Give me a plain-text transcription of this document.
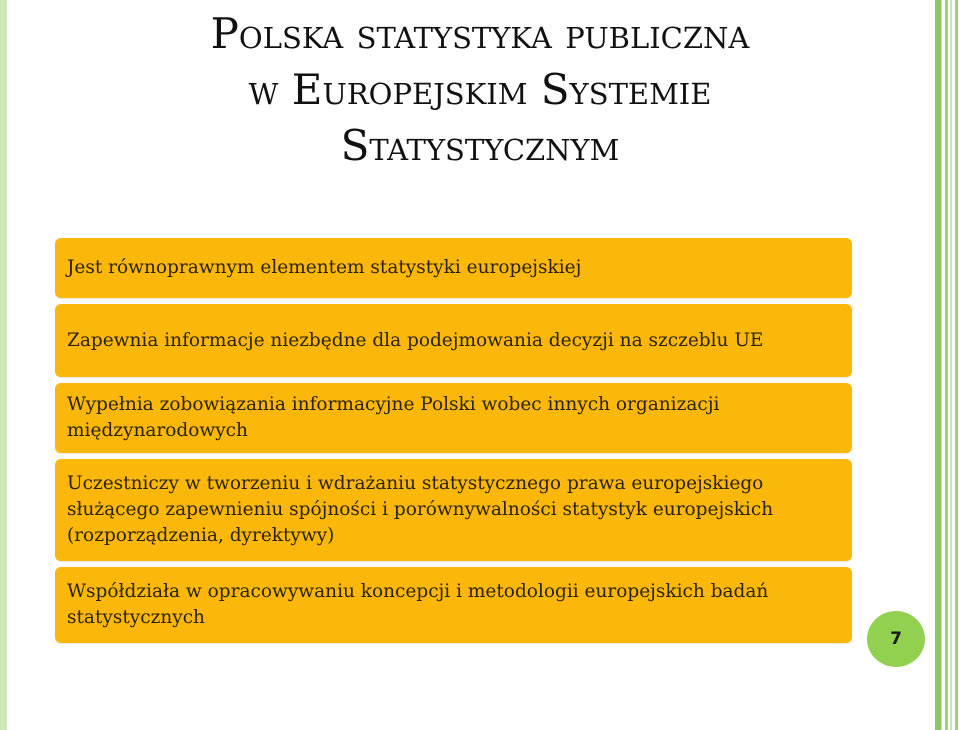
Polska statystyka publiczna
w Europejskim Systemie
Statystycznym
Jest równoprawnym elementem statystyki europejskiej
Zapewnia informacje niezbędne dla podejmowania decyzji na szczeblu UE
Wypełnia zobowiązania informacyjne Polski wobec innych organizacji międzynarodowych
Uczestniczy w tworzeniu i wdrażaniu statystycznego prawa europejskiego służącego zapewnieniu spójności i porównywalności statystyk europejskich (rozporządzenia, dyrektywy)
Współdziała w opracowywaniu koncepcji i metodologii europejskich badań statystycznych
7
